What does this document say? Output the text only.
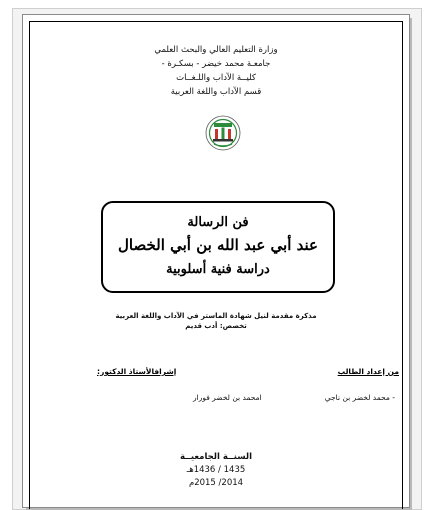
وزارة التعليم العالي والبحث العلمي
جامعـة محمد خيضر - بسكـرة -
كليــة الآداب واللـغــات
قسم الآداب واللغة العربية
فن الرسالة
عند أبي عبد الله بن أبي الخصال
دراسة فنية أسلوبية
مذكرة مقدمة لنيل شهادة الماستر في الآداب واللغة العربية
تخصص: أدب قديم
من إعداد الطالب
إشرافالأستاذ الدكتور:
- محمد لخضر بن ناجي
امحمد بن لخضر فورار
السنــة الجامعيــة
1435 / 1436هـ
2014/ 2015م
